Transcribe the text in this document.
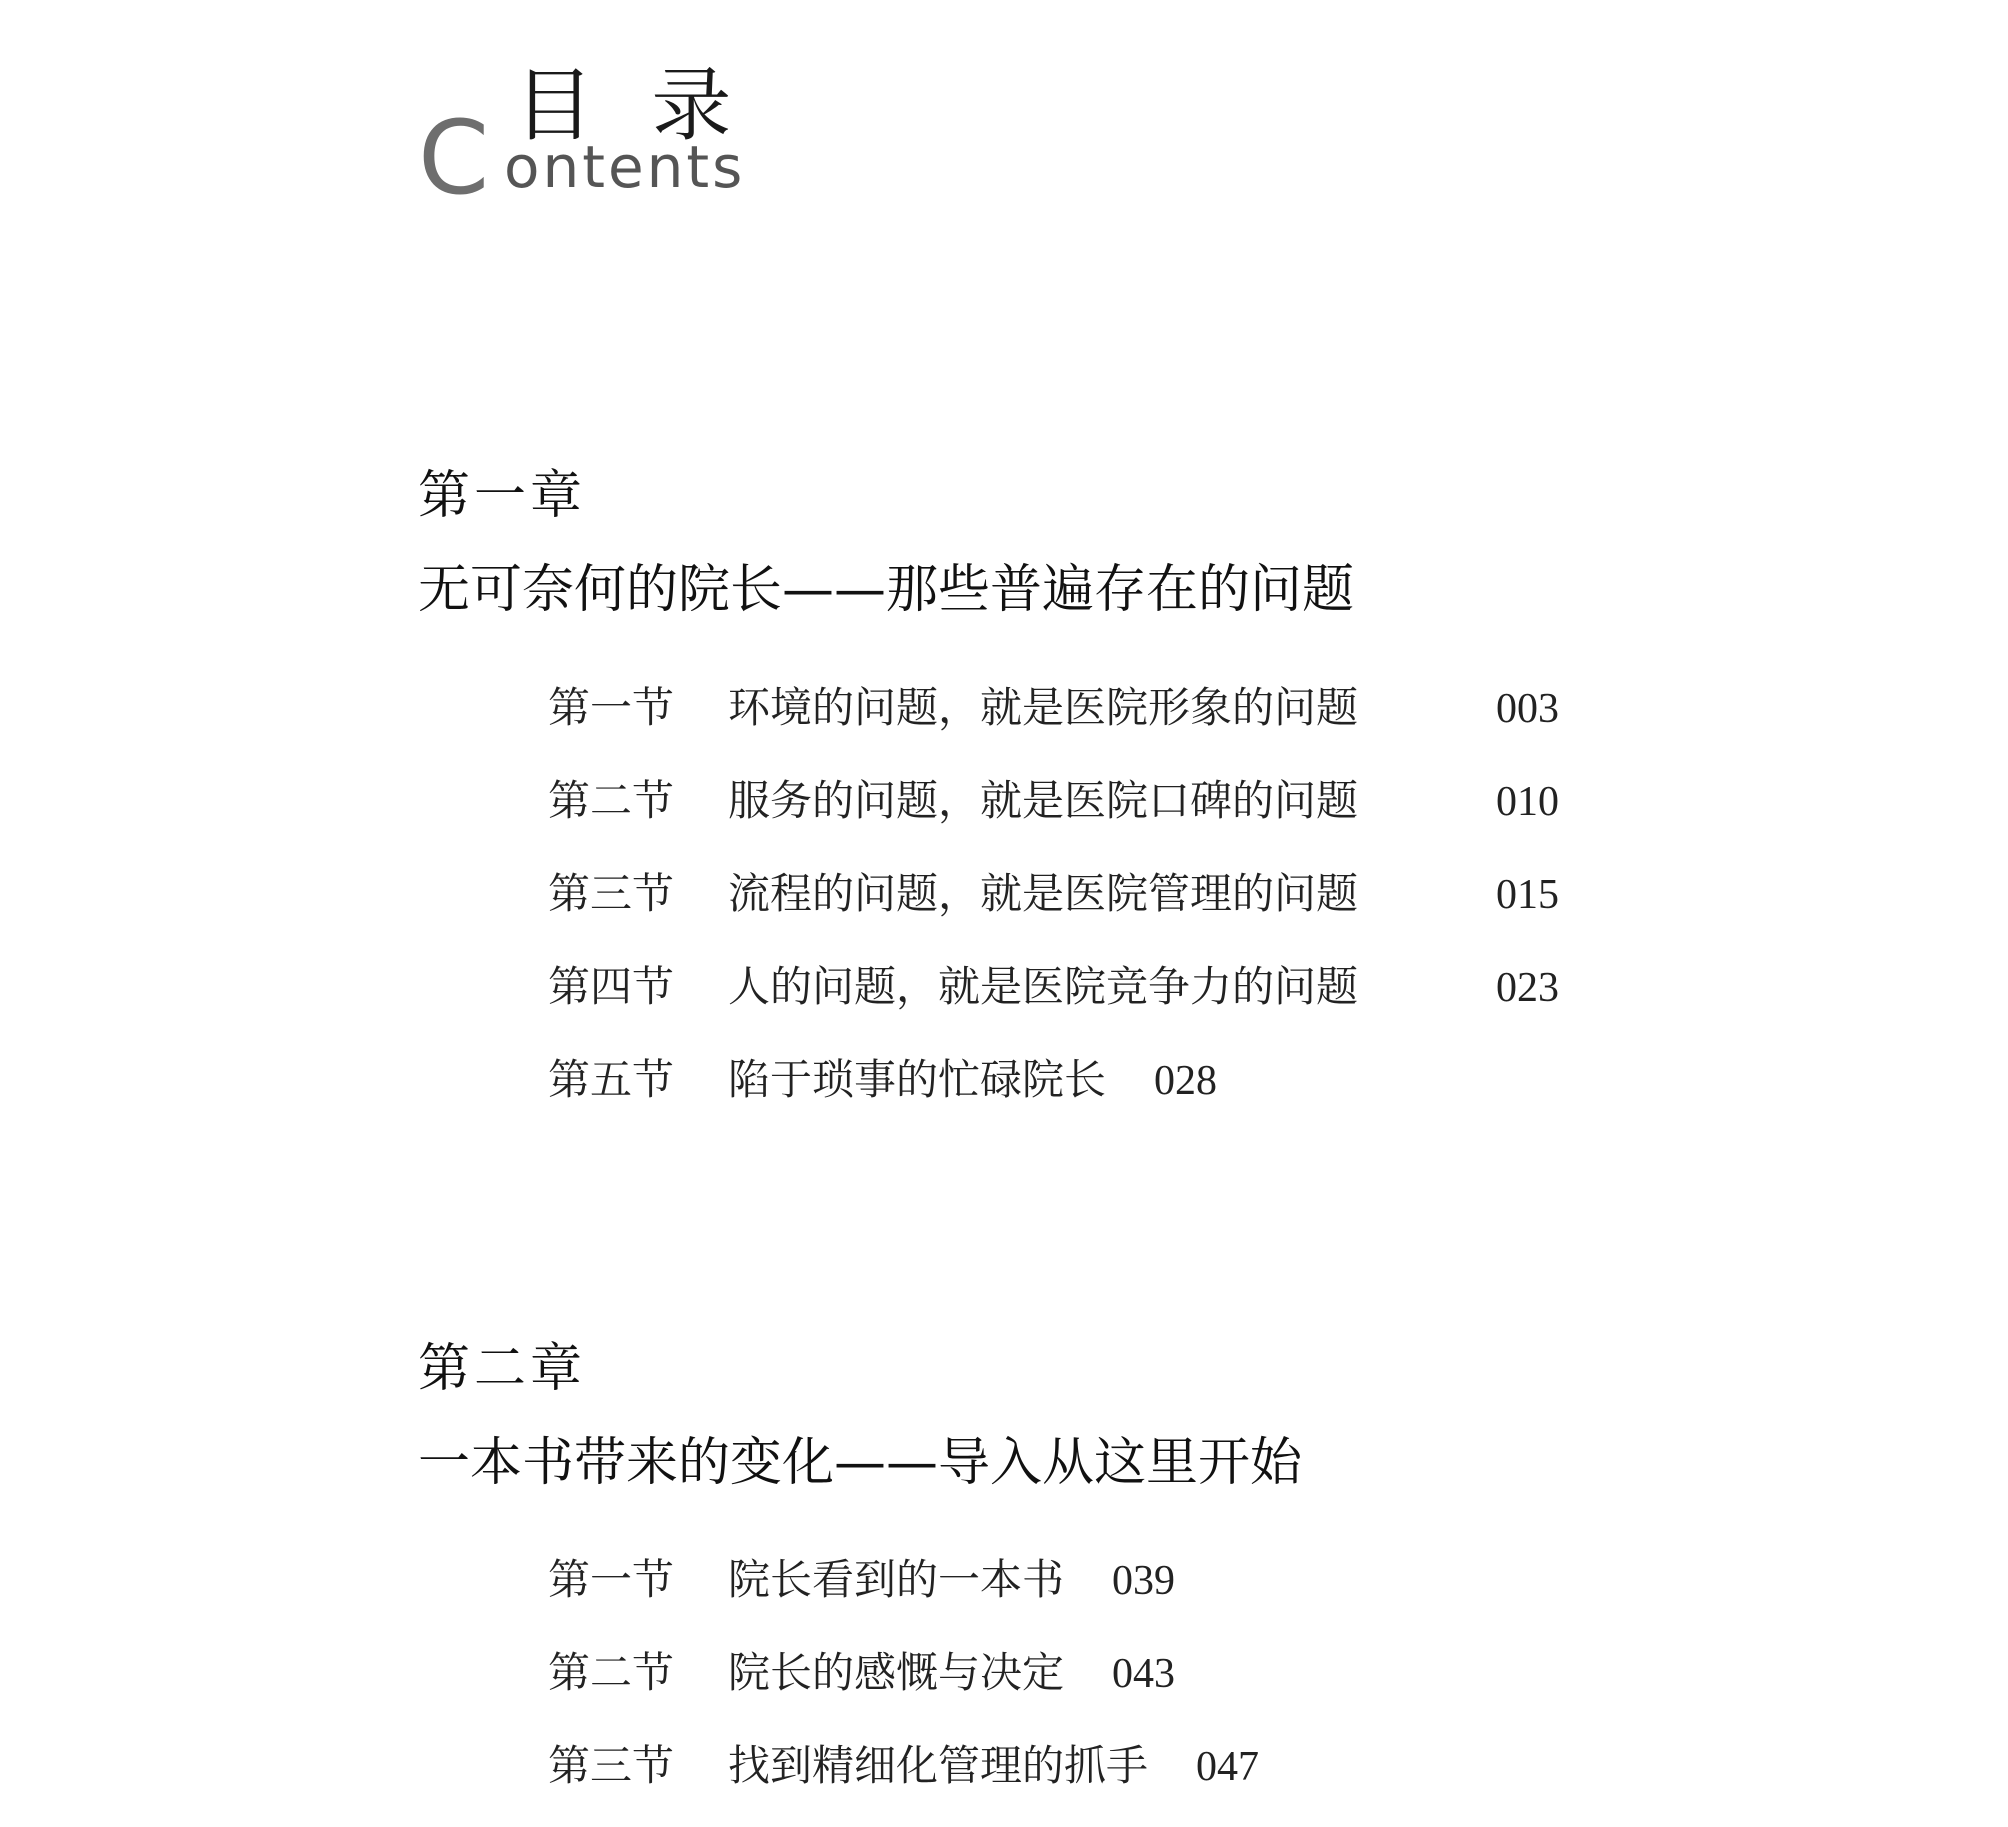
目 录
C ontents
第一章
无可奈何的院长——那些普遍存在的问题
第一节 环境的问题，就是医院形象的问题	003
第二节 服务的问题，就是医院口碑的问题	010
第三节 流程的问题，就是医院管理的问题	015
第四节 人的问题，就是医院竞争力的问题	023
第五节 陷于琐事的忙碌院长 028
第二章
一本书带来的变化——导入从这里开始
第一节 院长看到的一本书 039
第二节 院长的感慨与决定 043
第三节 找到精细化管理的抓手 047
